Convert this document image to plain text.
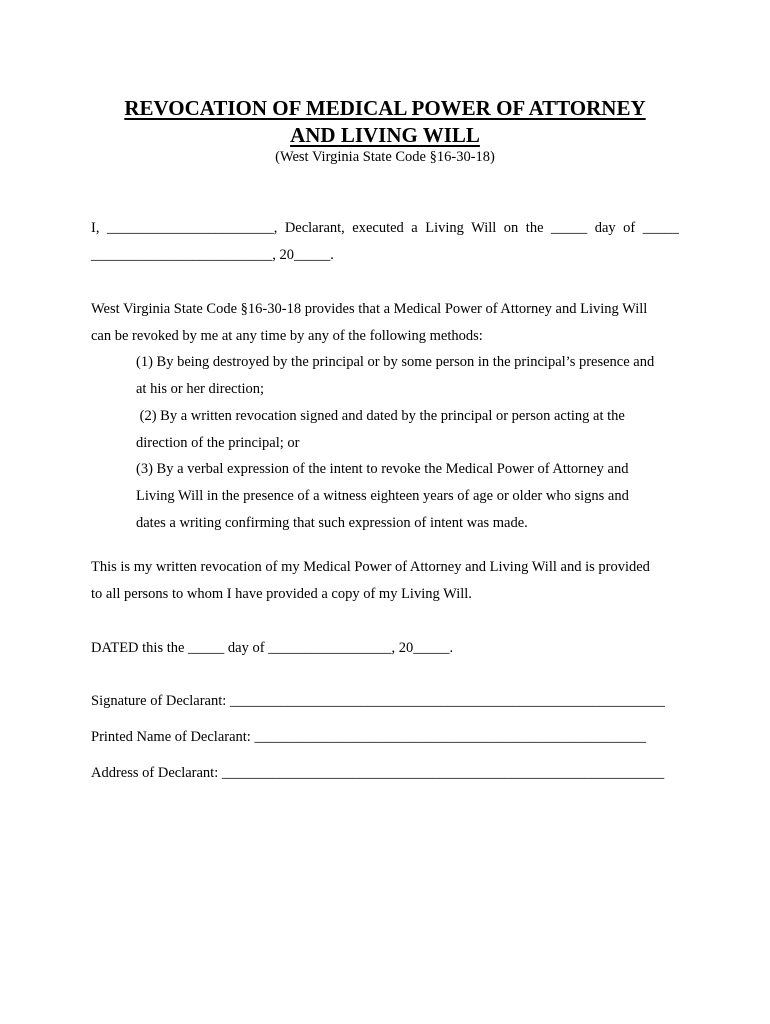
REVOCATION OF MEDICAL POWER OF ATTORNEY
AND LIVING WILL
(West Virginia State Code §16-30-18)
I, _______________________, Declarant, executed a Living Will on the _____ day of _____
_________________________, 20_____.
West Virginia State Code §16-30-18 provides that a Medical Power of Attorney and Living Will
can be revoked by me at any time by any of the following methods:
(1) By being destroyed by the principal or by some person in the principal’s presence and
at his or her direction;
(2) By a written revocation signed and dated by the principal or person acting at the
direction of the principal; or
(3) By a verbal expression of the intent to revoke the Medical Power of Attorney and
Living Will in the presence of a witness eighteen years of age or older who signs and
dates a writing confirming that such expression of intent was made.
This is my written revocation of my Medical Power of Attorney and Living Will and is provided
to all persons to whom I have provided a copy of my Living Will.
DATED this the _____ day of _________________, 20_____.
Signature of Declarant: ____________________________________________________________
Printed Name of Declarant: ______________________________________________________
Address of Declarant: _____________________________________________________________
